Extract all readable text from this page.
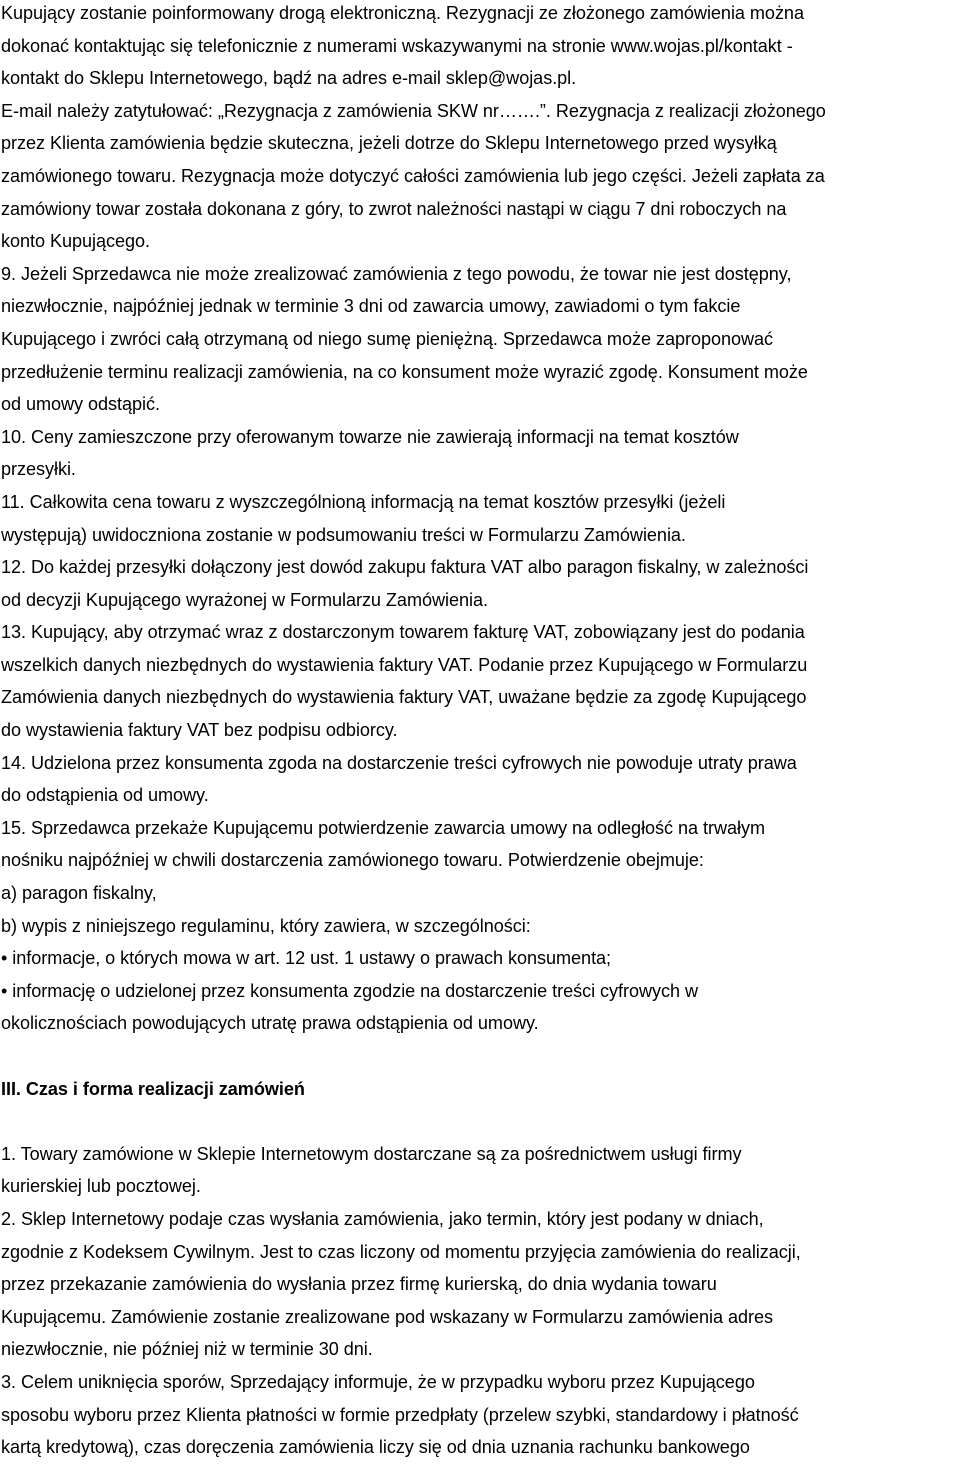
Kupujący zostanie poinformowany drogą elektroniczną. Rezygnacji ze złożonego zamówienia można
dokonać kontaktując się telefonicznie z numerami wskazywanymi na stronie www.wojas.pl/kontakt -
kontakt do Sklepu Internetowego, bądź na adres e-mail sklep@wojas.pl.
E-mail należy zatytułować: „Rezygnacja z zamówienia SKW nr…….”. Rezygnacja z realizacji złożonego
przez Klienta zamówienia będzie skuteczna, jeżeli dotrze do Sklepu Internetowego przed wysyłką
zamówionego towaru. Rezygnacja może dotyczyć całości zamówienia lub jego części. Jeżeli zapłata za
zamówiony towar została dokonana z góry, to zwrot należności nastąpi w ciągu 7 dni roboczych na
konto Kupującego.
9. Jeżeli Sprzedawca nie może zrealizować zamówienia z tego powodu, że towar nie jest dostępny,
niezwłocznie, najpóźniej jednak w terminie 3 dni od zawarcia umowy, zawiadomi o tym fakcie
Kupującego i zwróci całą otrzymaną od niego sumę pieniężną. Sprzedawca może zaproponować
przedłużenie terminu realizacji zamówienia, na co konsument może wyrazić zgodę. Konsument może
od umowy odstąpić.
10. Ceny zamieszczone przy oferowanym towarze nie zawierają informacji na temat kosztów
przesyłki.
11. Całkowita cena towaru z wyszczególnioną informacją na temat kosztów przesyłki (jeżeli
występują) uwidoczniona zostanie w podsumowaniu treści w Formularzu Zamówienia.
12. Do każdej przesyłki dołączony jest dowód zakupu faktura VAT albo paragon fiskalny, w zależności
od decyzji Kupującego wyrażonej w Formularzu Zamówienia.
13. Kupujący, aby otrzymać wraz z dostarczonym towarem fakturę VAT, zobowiązany jest do podania
wszelkich danych niezbędnych do wystawienia faktury VAT. Podanie przez Kupującego w Formularzu
Zamówienia danych niezbędnych do wystawienia faktury VAT, uważane będzie za zgodę Kupującego
do wystawienia faktury VAT bez podpisu odbiorcy.
14. Udzielona przez konsumenta zgoda na dostarczenie treści cyfrowych nie powoduje utraty prawa
do odstąpienia od umowy.
15. Sprzedawca przekaże Kupującemu potwierdzenie zawarcia umowy na odległość na trwałym
nośniku najpóźniej w chwili dostarczenia zamówionego towaru. Potwierdzenie obejmuje:
a) paragon fiskalny,
b) wypis z niniejszego regulaminu, który zawiera, w szczególności:
• informacje, o których mowa w art. 12 ust. 1 ustawy o prawach konsumenta;
• informację o udzielonej przez konsumenta zgodzie na dostarczenie treści cyfrowych w
okolicznościach powodujących utratę prawa odstąpienia od umowy.
III. Czas i forma realizacji zamówień
1. Towary zamówione w Sklepie Internetowym dostarczane są za pośrednictwem usługi firmy
kurierskiej lub pocztowej.
2. Sklep Internetowy podaje czas wysłania zamówienia, jako termin, który jest podany w dniach,
zgodnie z Kodeksem Cywilnym. Jest to czas liczony od momentu przyjęcia zamówienia do realizacji,
przez przekazanie zamówienia do wysłania przez firmę kurierską, do dnia wydania towaru
Kupującemu. Zamówienie zostanie zrealizowane pod wskazany w Formularzu zamówienia adres
niezwłocznie, nie później niż w terminie 30 dni.
3. Celem uniknięcia sporów, Sprzedający informuje, że w przypadku wyboru przez Kupującego
sposobu wyboru przez Klienta płatności w formie przedpłaty (przelew szybki, standardowy i płatność
kartą kredytową), czas doręczenia zamówienia liczy się od dnia uznania rachunku bankowego
